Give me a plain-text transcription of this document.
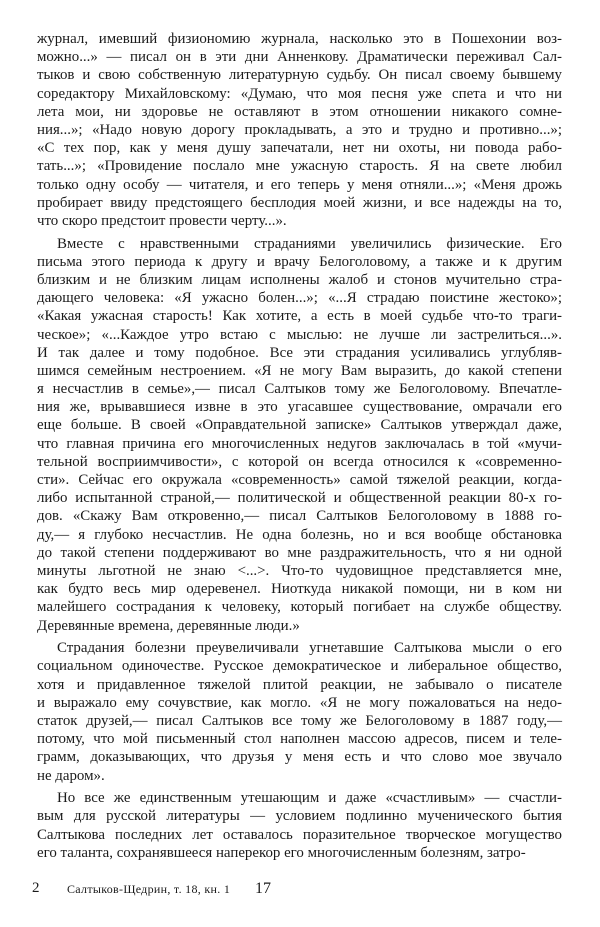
журнал, имевший физиономию журнала, насколько это в Пошехонии воз-
можно...» — писал он в эти дни Анненкову. Драматически переживал Сал-
тыков и свою собственную литературную судьбу. Он писал своему бывшему
соредактору Михайловскому: «Думаю, что моя песня уже спета и что ни
лета мои, ни здоровье не оставляют в этом отношении никакого сомне-
ния...»; «Надо новую дорогу прокладывать, а это и трудно и противно...»;
«С тех пор, как у меня душу запечатали, нет ни охоты, ни повода рабо-
тать...»; «Провидение послало мне ужасную старость. Я на свете любил
только одну особу — читателя, и его теперь у меня отняли...»; «Меня дрожь
пробирает ввиду предстоящего бесплодия моей жизни, и все надежды на то,
что скоро предстоит провести черту...».
Вместе с нравственными страданиями увеличились физические. Его
письма этого периода к другу и врачу Белоголовому, а также и к другим
близким и не близким лицам исполнены жалоб и стонов мучительно стра-
дающего человека: «Я ужасно болен...»; «...Я страдаю поистине жестоко»;
«Какая ужасная старость! Как хотите, а есть в моей судьбе что-то траги-
ческое»; «...Каждое утро встаю с мыслью: не лучше ли застрелиться...».
И так далее и тому подобное. Все эти страдания усиливались углубляв-
шимся семейным нестроением. «Я не могу Вам выразить, до какой степени
я несчастлив в семье»,— писал Салтыков тому же Белоголовому. Впечатле-
ния же, врывавшиеся извне в это угасавшее существование, омрачали его
еще больше. В своей «Оправдательной записке» Салтыков утверждал даже,
что главная причина его многочисленных недугов заключалась в той «мучи-
тельной восприимчивости», с которой он всегда относился к «современно-
сти». Сейчас его окружала «современность» самой тяжелой реакции, когда-
либо испытанной страной,— политической и общественной реакции 80-х го-
дов. «Скажу Вам откровенно,— писал Салтыков Белоголовому в 1888 го-
ду,— я глубоко несчастлив. Не одна болезнь, но и вся вообще обстановка
до такой степени поддерживают во мне раздражительность, что я ни одной
минуты льготной не знаю <...>. Что-то чудовищное представляется мне,
как будто весь мир одеревенел. Ниоткуда никакой помощи, ни в ком ни
малейшего сострадания к человеку, который погибает на службе обществу.
Деревянные времена, деревянные люди.»
Страдания болезни преувеличивали угнетавшие Салтыкова мысли о его
социальном одиночестве. Русское демократическое и либеральное общество,
хотя и придавленное тяжелой плитой реакции, не забывало о писателе
и выражало ему сочувствие, как могло. «Я не могу пожаловаться на недо-
статок друзей,— писал Салтыков все тому же Белоголовому в 1887 году,—
потому, что мой письменный стол наполнен массою адресов, писем и теле-
грамм, доказывающих, что друзья у меня есть и что слово мое звучало
не даром».
Но все же единственным утешающим и даже «счастливым» — счастли-
вым для русской литературы — условием подлинно мученического бытия
Салтыкова последних лет оставалось поразительное творческое могущество
его таланта, сохранявшееся наперекор его многочисленным болезням, затро-
2 Салтыков-Щедрин, т. 18, кн. 1 17
